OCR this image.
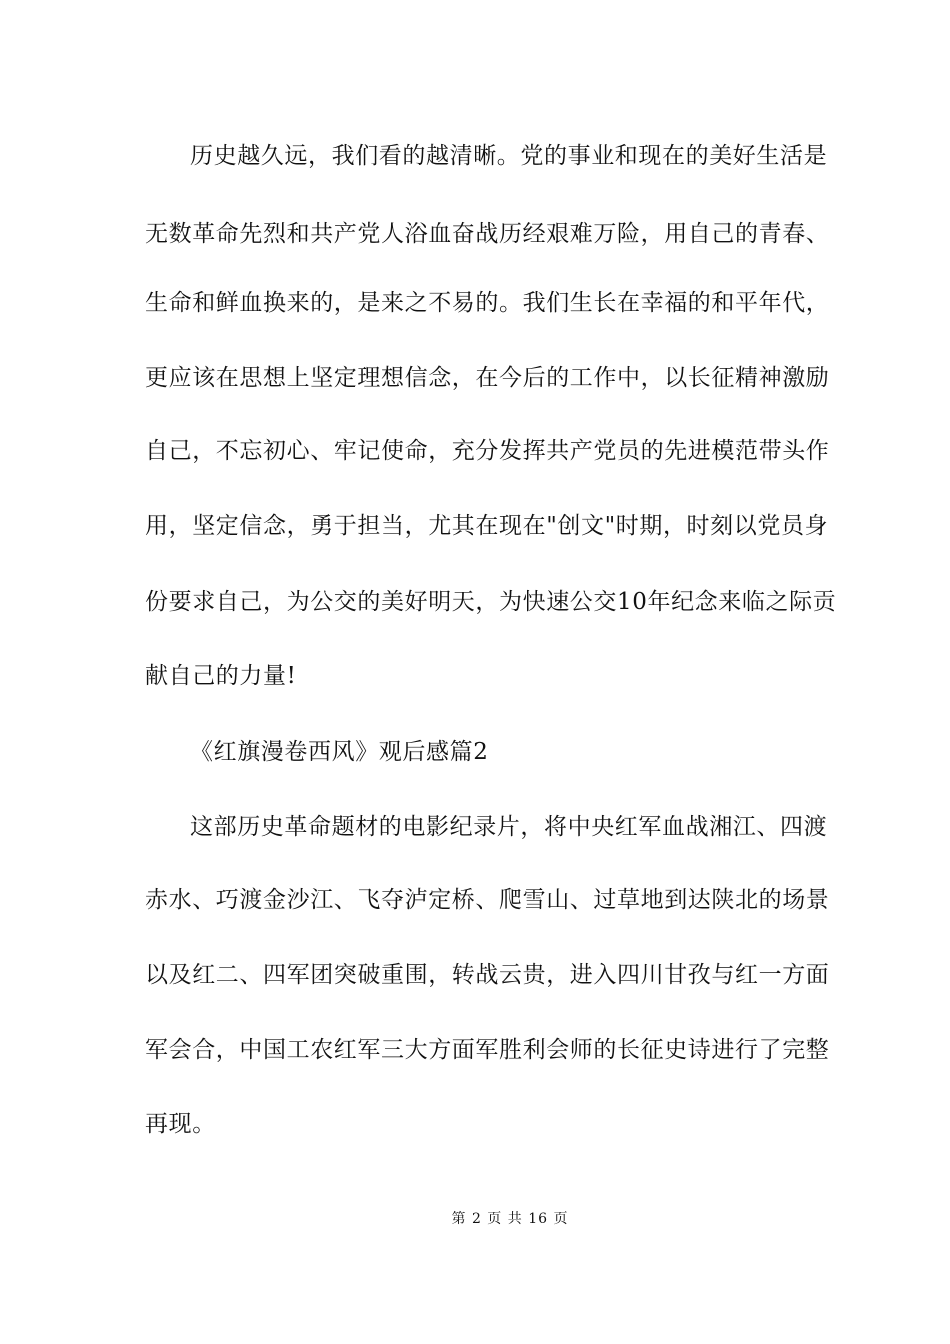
历史越久远，我们看的越清晰。党的事业和现在的美好生活是
无数革命先烈和共产党人浴血奋战历经艰难万险，用自己的青春、
生命和鲜血换来的，是来之不易的。我们生长在幸福的和平年代，
更应该在思想上坚定理想信念，在今后的工作中，以长征精神激励
自己，不忘初心、牢记使命，充分发挥共产党员的先进模范带头作
用，坚定信念，勇于担当，尤其在现在"创文"时期，时刻以党员身
份要求自己，为公交的美好明天，为快速公交10年纪念来临之际贡
献自己的力量!
《红旗漫卷西风》观后感篇2
这部历史革命题材的电影纪录片，将中央红军血战湘江、四渡
赤水、巧渡金沙江、飞夺泸定桥、爬雪山、过草地到达陕北的场景
以及红二、四军团突破重围，转战云贵，进入四川甘孜与红一方面
军会合，中国工农红军三大方面军胜利会师的长征史诗进行了完整
再现。
第 2 页 共 16 页
